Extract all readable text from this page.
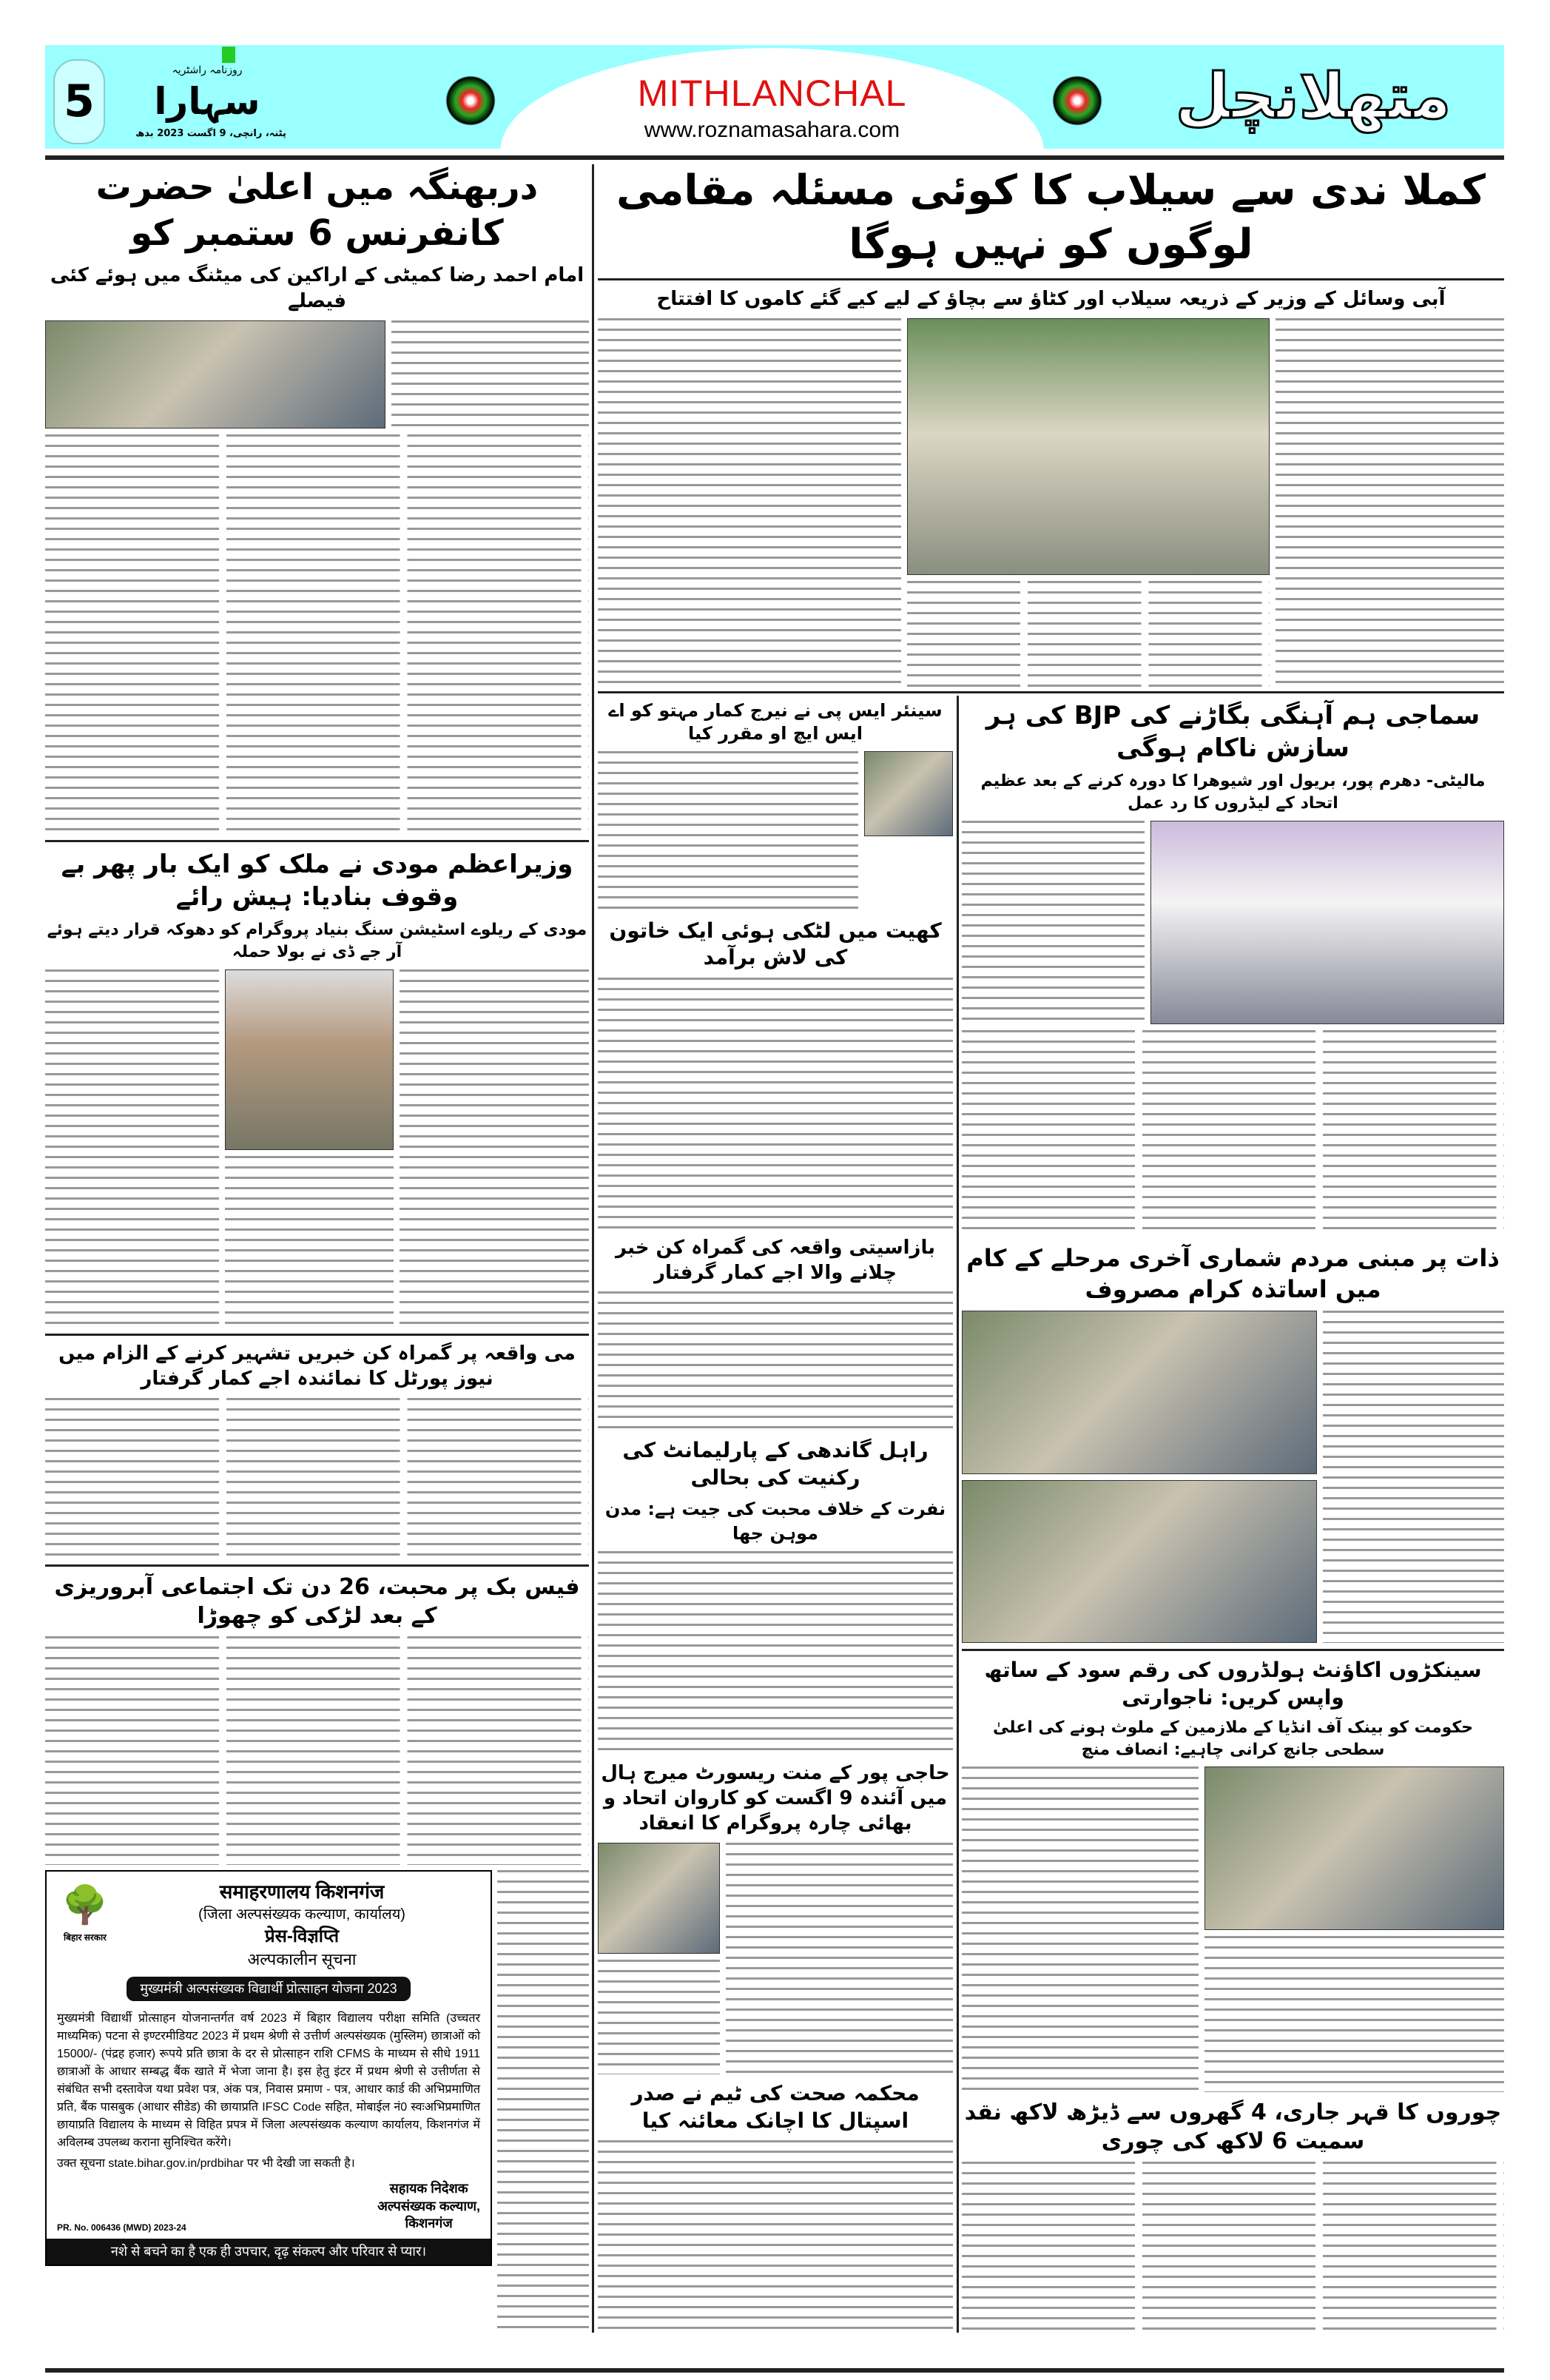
5
روزنامہ راشٹریہ
سہارا
پٹنہ، رانچی، 9 اگست 2023 بدھ
MITHLANCHAL
www.roznamasahara.com	متھلانچل
دربھنگہ میں اعلیٰ حضرت کانفرنس 6 ستمبر کو
امام احمد رضا کمیٹی کے اراکین کی میٹنگ میں ہوئے کئی فیصلے
وزیراعظم مودی نے ملک کو ایک بار پھر بے وقوف بنادیا: ہیش رائے
مودی کے ریلوے اسٹیشن سنگ بنیاد پروگرام کو دھوکہ قرار دیتے ہوئے آر جے ڈی نے بولا حملہ
می واقعہ پر گمراہ کن خبریں تشہیر کرنے کے الزام میں نیوز پورٹل کا نمائندہ اجے کمار گرفتار
فیس بک پر محبت، 26 دن تک اجتماعی آبروریزی کے بعد لڑکی کو چھوڑا
🌳
बिहार सरकार
समाहरणालय किशनगंज
(जिला अल्पसंख्यक कल्याण, कार्यालय)
प्रेस-विज्ञप्ति
अल्पकालीन सूचना
मुख्यमंत्री अल्पसंख्यक विद्यार्थी प्रोत्साहन योजना 2023

मुख्यमंत्री विद्यार्थी प्रोत्साहन योजनान्तर्गत वर्ष 2023 में बिहार विद्यालय परीक्षा समिति (उच्चतर माध्यमिक) पटना से इण्टरमीडियट 2023 में प्रथम श्रेणी से उत्तीर्ण अल्पसंख्यक (मुस्लिम) छात्राओं को 15000/- (पंद्रह हजार) रूपये प्रति छात्रा के दर से प्रोत्साहन राशि CFMS के माध्यम से सीधे 1911 छात्राओं के आधार सम्बद्ध बैंक खाते में भेजा जाना है। इस हेतु इंटर में प्रथम श्रेणी से उत्तीर्णता से संबंधित सभी दस्तावेज यथा प्रवेश पत्र, अंक पत्र, निवास प्रमाण - पत्र, आधार कार्ड की अभिप्रमाणित प्रति, बैंक पासबुक (आधार सीडेड) की छायाप्रति IFSC Code सहित, मोबाईल नं0 स्वःअभिप्रमाणित छायाप्रति विद्यालय के माध्यम से विहित प्रपत्र में जिला अल्पसंख्यक कल्याण कार्यालय, किशनगंज में अविलम्ब उपलब्ध कराना सुनिश्चित करेंगे।

उक्त सूचना state.bihar.gov.in/prdbihar पर भी देखी जा सकती है।

PR. No. 006436 (MWD) 2023-24
सहायक निदेशक
अल्पसंख्यक कल्याण,
किशनगंज
नशे से बचने का है एक ही उपचार, दृढ़ संकल्प और परिवार से प्यार।
کملا ندی سے سیلاب کا کوئی مسئلہ مقامی لوگوں کو نہیں ہوگا
آبی وسائل کے وزیر کے ذریعہ سیلاب اور کٹاؤ سے بچاؤ کے لیے کیے گئے کاموں کا افتتاح
سینئر ایس پی نے نیرج کمار مہتو کو اے ایس ایچ او مقرر کیا
کھیت میں لٹکی ہوئی ایک خاتون کی لاش برآمد
بازاسیتی واقعہ کی گمراہ کن خبر چلانے والا اجے کمار گرفتار
راہل گاندھی کے پارلیمانٹ کی رکنیت کی بحالی
نفرت کے خلاف محبت کی جیت ہے: مدن موہن جھا
حاجی پور کے منت ریسورٹ میرج ہال میں آئندہ 9 اگست کو کاروان اتحاد و بھائی چارہ پروگرام کا انعقاد
محکمہ صحت کی ٹیم نے صدر اسپتال کا اچانک معائنہ کیا
سماجی ہم آہنگی بگاڑنے کی BJP کی ہر سازش ناکام ہوگی
مالیٹی- دھرم پور، بریول اور شیوھرا کا دورہ کرنے کے بعد عظیم اتحاد کے لیڈروں کا رد عمل
ذات پر مبنی مردم شماری آخری مرحلے کے کام میں اساتذہ کرام مصروف
سینکڑوں اکاؤنٹ ہولڈروں کی رقم سود کے ساتھ واپس کریں: ناجوارتی
حکومت کو بینک آف انڈیا کے ملازمین کے ملوث ہونے کی اعلیٰ سطحی جانچ کرانی چاہیے: انصاف منچ
چوروں کا قہر جاری، 4 گھروں سے ڈیڑھ لاکھ نقد سمیت 6 لاکھ کی چوری
